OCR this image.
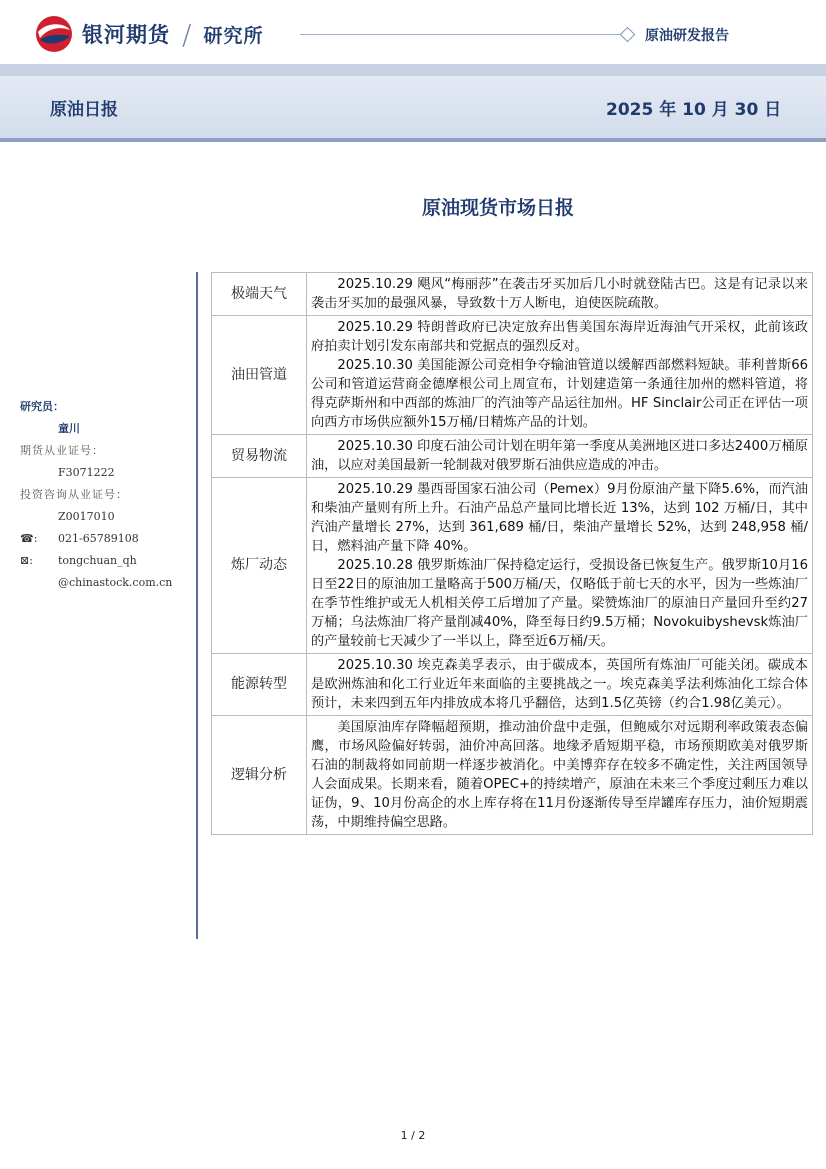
银河期货 / 研究所	原油研发报告
原油日报	2025 年 10 月 30 日
原油现货市场日报
研究员：
童川
期货从业证号：
F3071222
投资咨询从业证号：
Z0017010
☎:	021-65789108
⊠:	tongchuan_qh
@chinastock.com.cn
极端天气	2025.10.29 飓风“梅丽莎”在袭击牙买加后几小时就登陆古巴。这是有记录以来袭击牙买加的最强风暴，导致数十万人断电，迫使医院疏散。

油田管道	2025.10.29 特朗普政府已决定放弃出售美国东海岸近海油气开采权，此前该政府拍卖计划引发东南部共和党据点的强烈反对。
2025.10.30 美国能源公司竞相争夺输油管道以缓解西部燃料短缺。菲利普斯66公司和管道运营商金德摩根公司上周宣布，计划建造第一条通往加州的燃料管道，将得克萨斯州和中西部的炼油厂的汽油等产品运往加州。HF Sinclair公司正在评估一项向西方市场供应额外15万桶/日精炼产品的计划。

贸易物流	2025.10.30 印度石油公司计划在明年第一季度从美洲地区进口多达2400万桶原油，以应对美国最新一轮制裁对俄罗斯石油供应造成的冲击。

炼厂动态	2025.10.29 墨西哥国家石油公司（Pemex）9月份原油产量下降5.6%，而汽油和柴油产量则有所上升。石油产品总产量同比增长近 13%，达到 102 万桶/日，其中汽油产量增长 27%，达到 361,689 桶/日，柴油产量增长 52%，达到 248,958 桶/日，燃料油产量下降 40%。
2025.10.28 俄罗斯炼油厂保持稳定运行，受损设备已恢复生产。俄罗斯10月16日至22日的原油加工量略高于500万桶/天，仅略低于前七天的水平，因为一些炼油厂在季节性维护或无人机相关停工后增加了产量。梁赞炼油厂的原油日产量回升至约27万桶；乌法炼油厂将产量削减40%，降至每日约9.5万桶；Novokuibyshevsk炼油厂的产量较前七天减少了一半以上，降至近6万桶/天。

能源转型	2025.10.30 埃克森美孚表示，由于碳成本，英国所有炼油厂可能关闭。碳成本是欧洲炼油和化工行业近年来面临的主要挑战之一。埃克森美孚法利炼油化工综合体预计，未来四到五年内排放成本将几乎翻倍，达到1.5亿英镑（约合1.98亿美元）。

逻辑分析	美国原油库存降幅超预期，推动油价盘中走强，但鲍威尔对远期利率政策表态偏鹰，市场风险偏好转弱，油价冲高回落。地缘矛盾短期平稳，市场预期欧美对俄罗斯石油的制裁将如同前期一样逐步被消化。中美博弈存在较多不确定性，关注两国领导人会面成果。长期来看，随着OPEC+的持续增产，原油在未来三个季度过剩压力难以证伪，9、10月份高企的水上库存将在11月份逐渐传导至岸罐库存压力，油价短期震荡，中期维持偏空思路。
1 / 2
